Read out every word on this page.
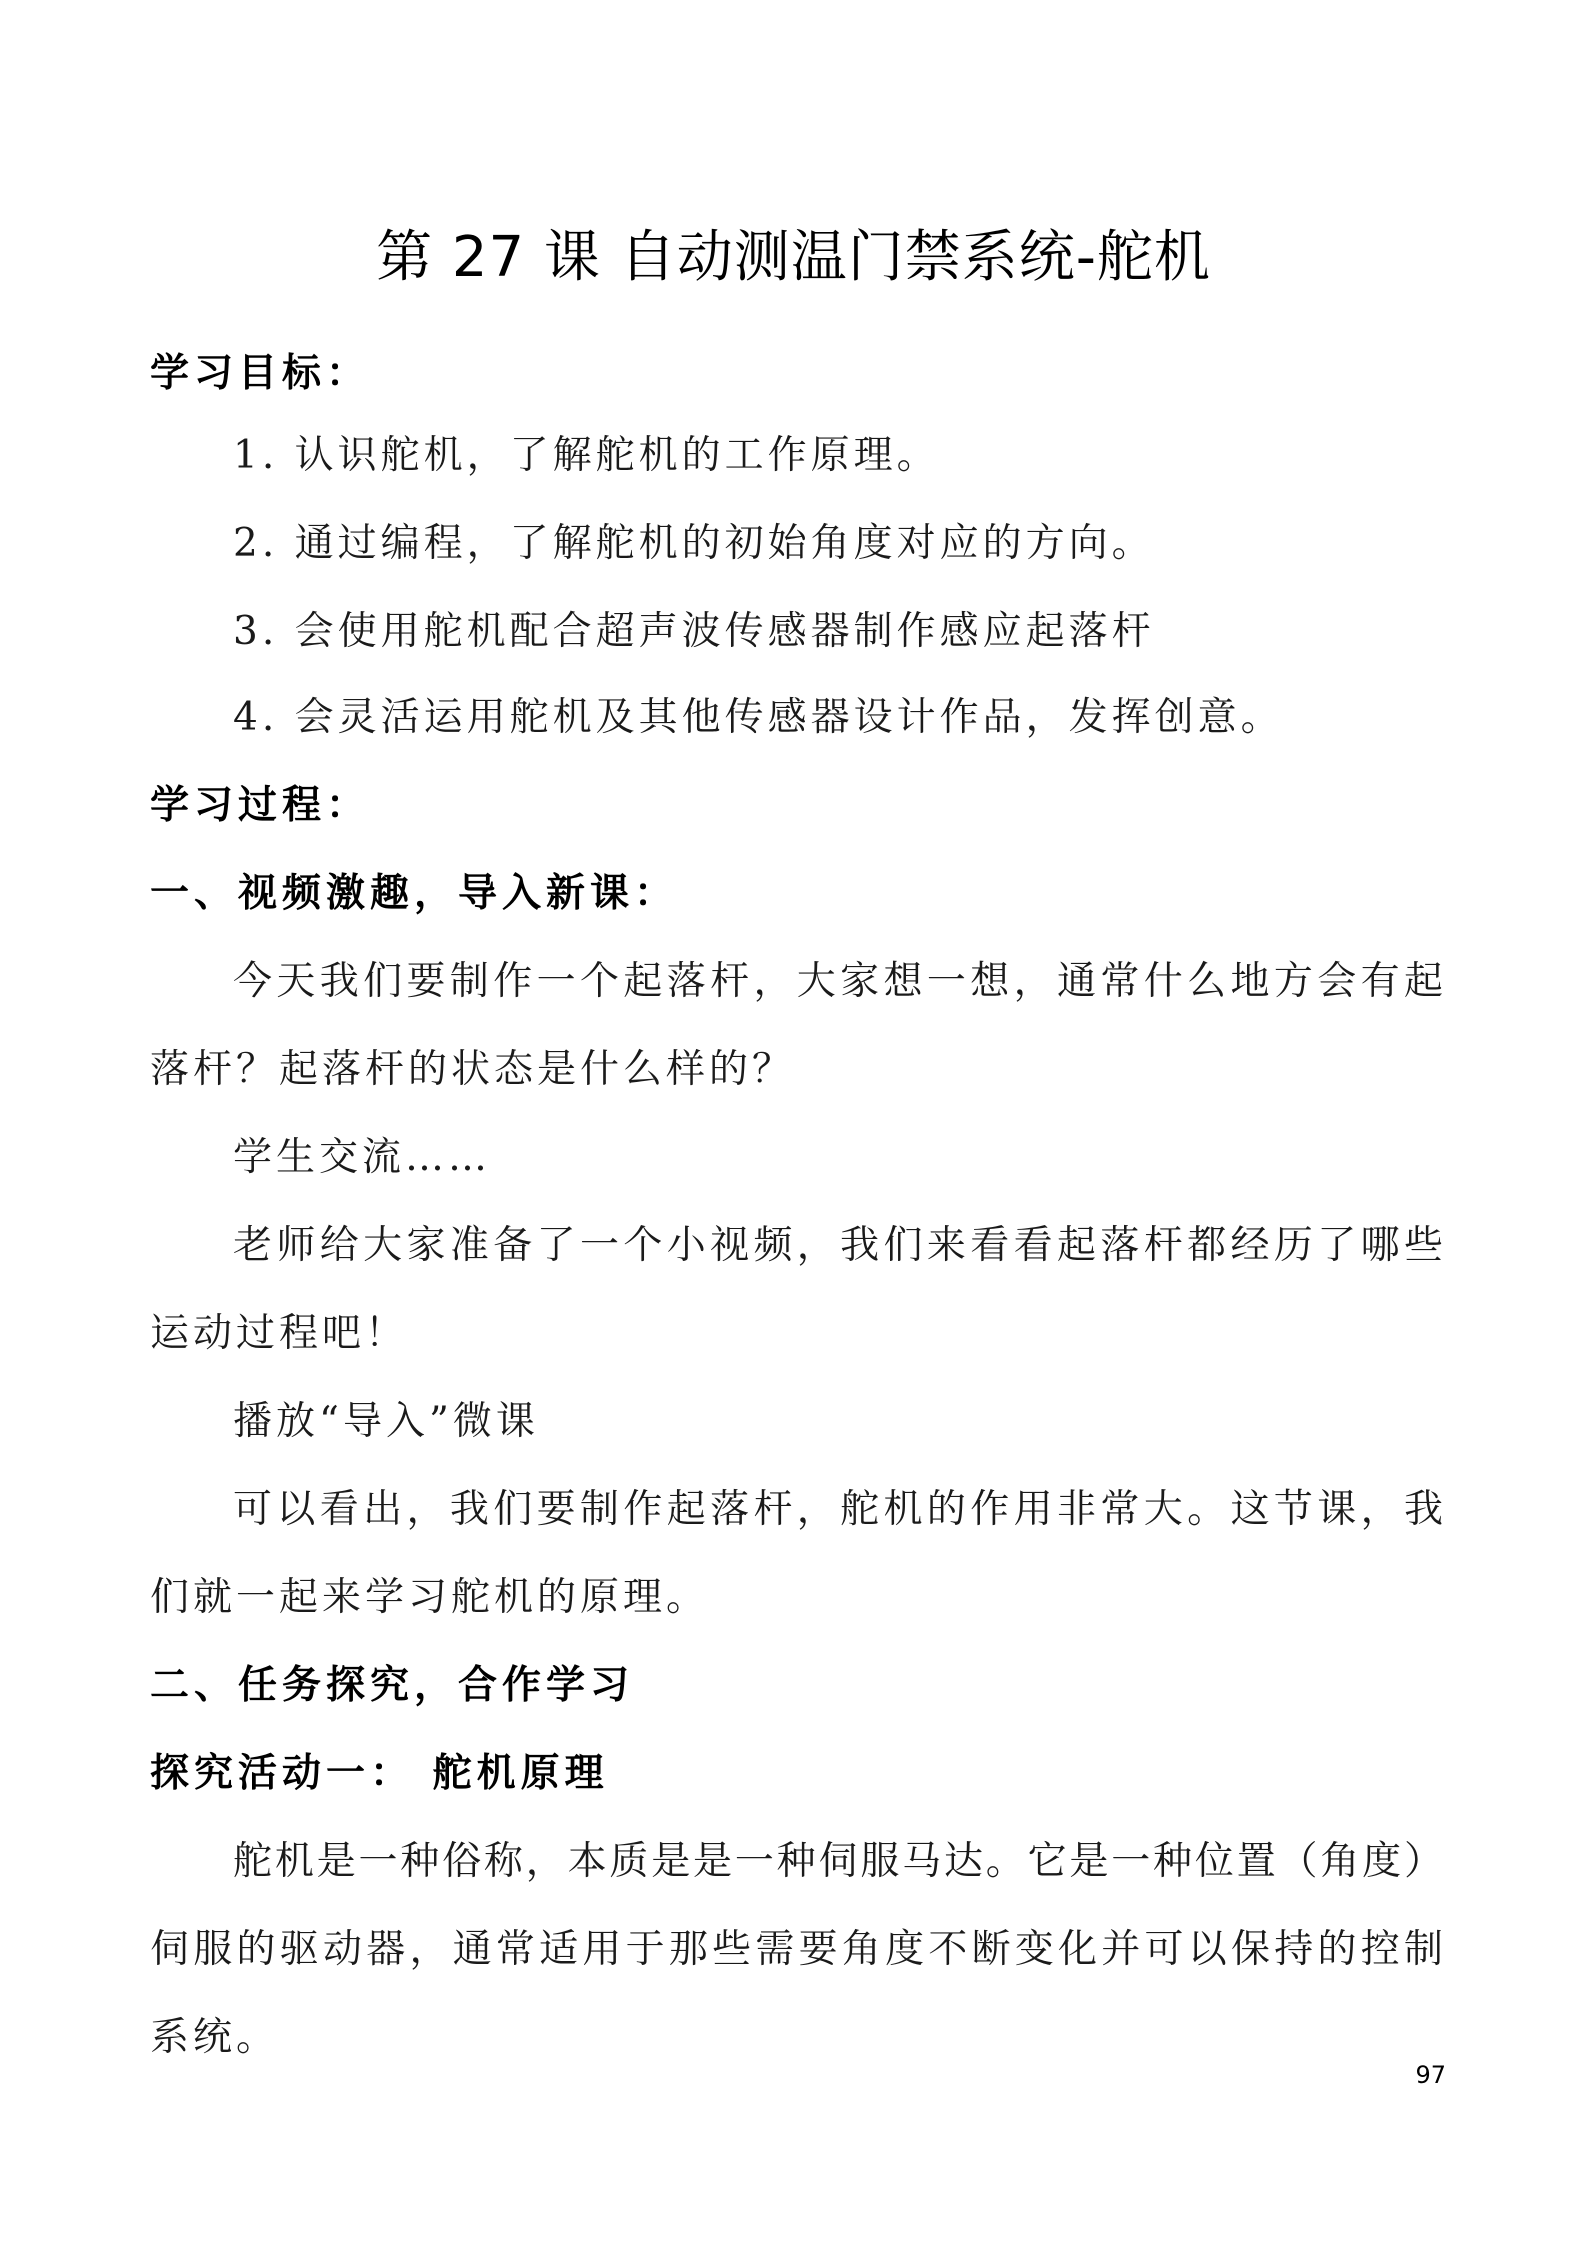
第 27 课 自动测温门禁系统-舵机
学习目标：
1. 认识舵机，了解舵机的工作原理。
2. 通过编程，了解舵机的初始角度对应的方向。
3. 会使用舵机配合超声波传感器制作感应起落杆
4. 会灵活运用舵机及其他传感器设计作品，发挥创意。
学习过程：
一、视频激趣，导入新课：
今天我们要制作一个起落杆，大家想一想，通常什么地方会有起
落杆？起落杆的状态是什么样的？
学生交流……
老师给大家准备了一个小视频，我们来看看起落杆都经历了哪些
运动过程吧！
播放“导入”微课
可以看出，我们要制作起落杆，舵机的作用非常大。这节课，我
们就一起来学习舵机的原理。
二、任务探究，合作学习
探究活动一： 舵机原理
舵机是一种俗称，本质是是一种伺服马达。它是一种位置（角度）
伺服的驱动器，通常适用于那些需要角度不断变化并可以保持的控制
系统。
97
